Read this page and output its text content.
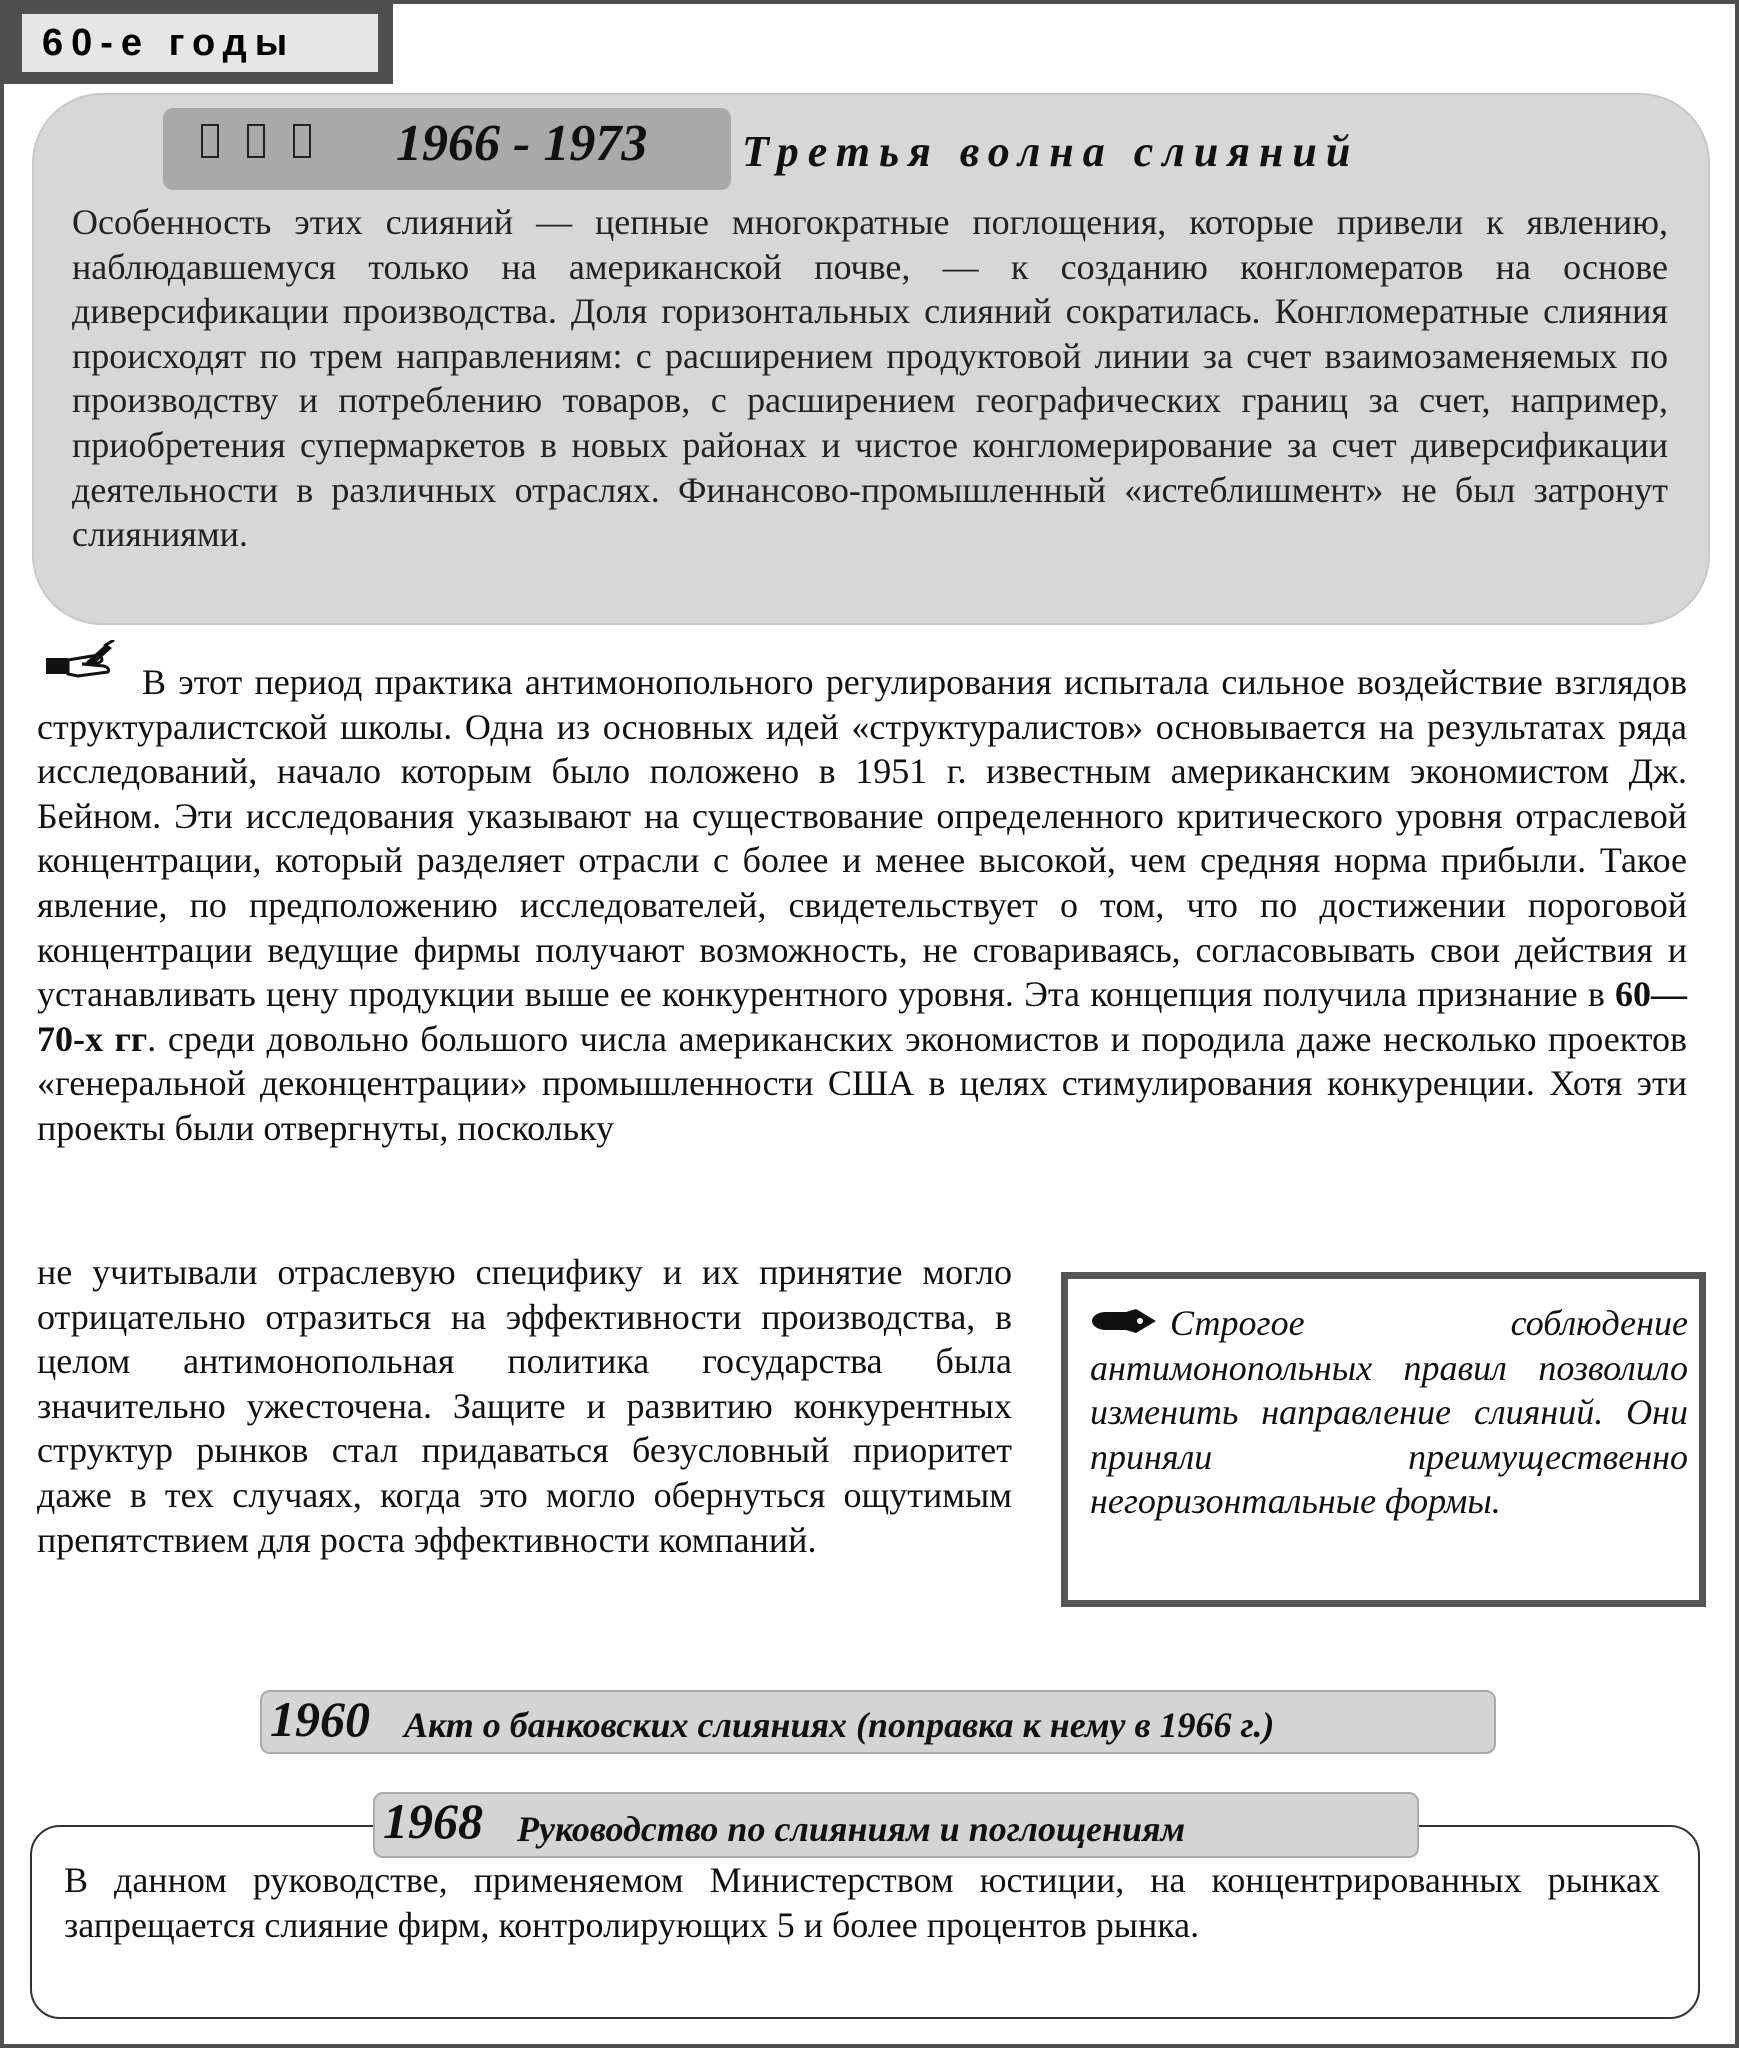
60-е годы
1966 - 1973 Третья волна слияний
Особенность этих слияний — цепные многократные поглощения, которые привели к явлению, наблюдавшемуся только на американской почве, — к созданию конгломератов на основе диверсификации производства. Доля горизонтальных слияний сократилась. Конгломератные слияния происходят по трем направлениям: с расширением продуктовой линии за счет взаимозаменяемых по производству и потреблению товаров, с расширением географических границ за счет, например, приобретения супермаркетов в новых районах и чистое конгломерирование за счет диверсификации деятельности в различных отраслях. Финансово-промышленный «истеблишмент» не был затронут слияниями.
В этот период практика антимонопольного регулирования испытала сильное воздействие взглядов структуралистской школы. Одна из основных идей «структуралистов» основывается на результатах ряда исследований, начало которым было положено в 1951 г. известным американским экономистом Дж. Бейном. Эти исследования указывают на существование определенного критического уровня отраслевой концентрации, который разделяет отрасли с более и менее высокой, чем средняя норма прибыли. Такое явление, по предположению исследователей, свидетельствует о том, что по достижении пороговой концентрации ведущие фирмы получают возможность, не сговариваясь, согласовывать свои действия и устанавливать цену продукции выше ее конкурентного уровня. Эта концепция получила признание в 60—70-х гг. среди довольно большого числа американских экономистов и породила даже несколько проектов «генеральной деконцентрации» промышленности США в целях стимулирования конкуренции. Хотя эти проекты были отвергнуты, поскольку
не учитывали отраслевую специфику и их принятие могло отрицательно отразиться на эффективности производства, в целом антимонопольная политика государства была значительно ужесточена. Защите и развитию конкурентных структур рынков стал придаваться безусловный приоритет даже в тех случаях, когда это могло обернуться ощутимым препятствием для роста эффективности компаний.
Строгое соблюдение антимонопольных правил позволило изменить направление слияний. Они приняли преимущественно негоризонтальные формы.
1960 Акт о банковских слияниях (поправка к нему в 1966 г.)
1968 Руководство по слияниям и поглощениям
В данном руководстве, применяемом Министерством юстиции, на концентрированных рынках запрещается слияние фирм, контролирующих 5 и более процентов рынка.
